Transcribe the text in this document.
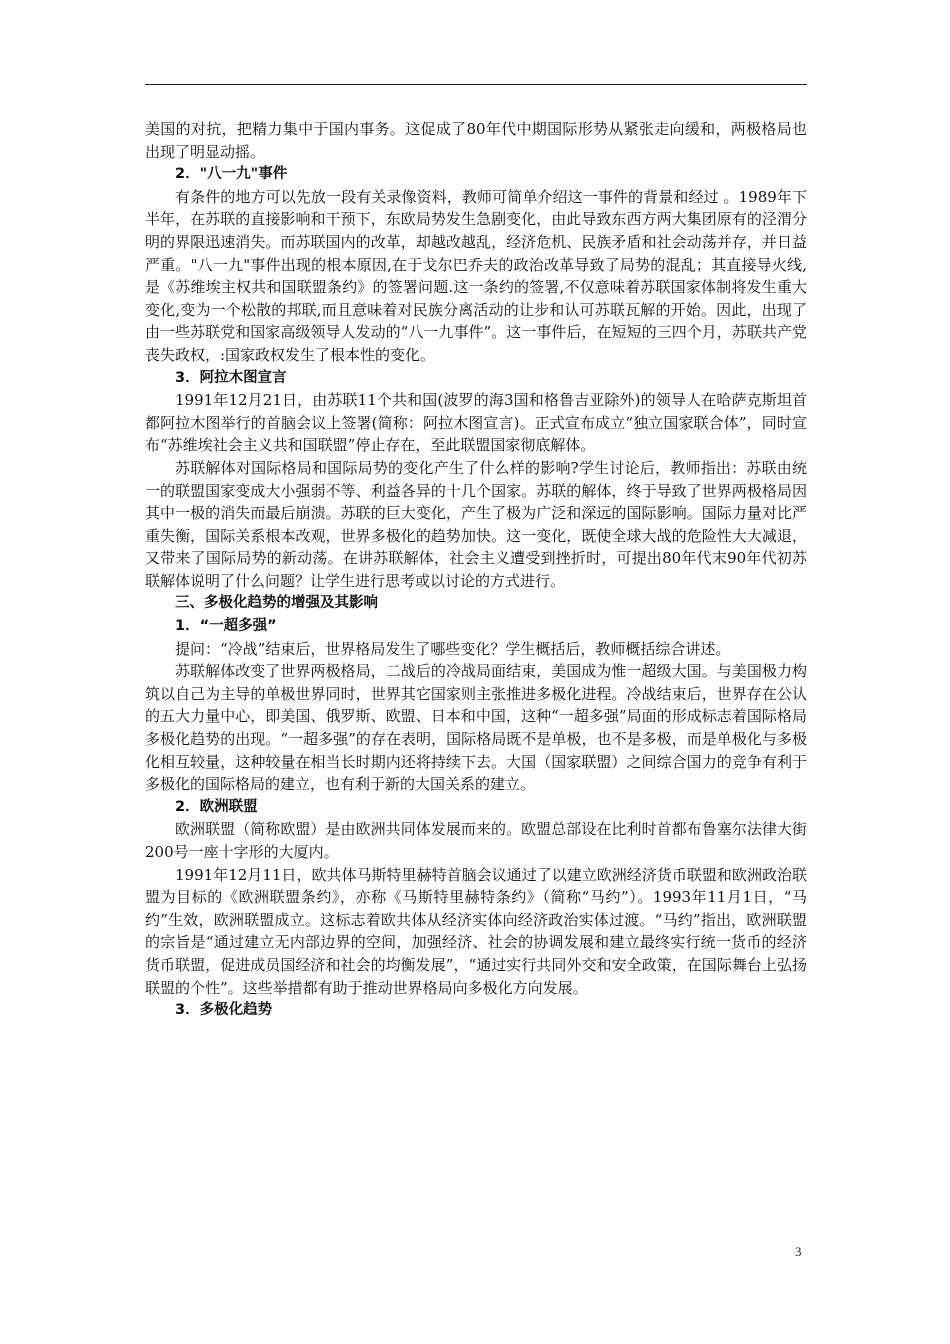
美国的对抗，把精力集中于国内事务。这促成了80年代中期国际形势从紧张走向缓和，两极格局也出现了明显动摇。

2．"八一九"事件

有条件的地方可以先放一段有关录像资料，教师可简单介绍这一事件的背景和经过 。1989年下半年，在苏联的直接影响和干预下，东欧局势发生急剧变化，由此导致东西方两大集团原有的泾渭分明的界限迅速消失。而苏联国内的改革，却越改越乱，经济危机、民族矛盾和社会动荡并存，并日益严重。"八一九"事件出现的根本原因,在于戈尔巴乔夫的政治改革导致了局势的混乱；其直接导火线,是《苏维埃主权共和国联盟条约》的签署问题.这一条约的签署,不仅意味着苏联国家体制将发生重大变化,变为一个松散的邦联,而且意味着对民族分离活动的让步和认可苏联瓦解的开始。因此，出现了由一些苏联党和国家高级领导人发动的“八一九事件”。这一事件后，在短短的三四个月，苏联共产党丧失政权，:国家政权发生了根本性的变化。

3．阿拉木图宣言

1991年12月21日，由苏联11个共和国(波罗的海3国和格鲁吉亚除外)的领导人在哈萨克斯坦首都阿拉木图举行的首脑会议上签署(简称：阿拉木图宣言)。正式宣布成立“独立国家联合体”，同时宣布“苏维埃社会主义共和国联盟”停止存在，至此联盟国家彻底解体。

苏联解体对国际格局和国际局势的变化产生了什么样的影响?学生讨论后，教师指出：苏联由统一的联盟国家变成大小强弱不等、利益各异的十几个国家。苏联的解体，终于导致了世界两极格局因其中一极的消失而最后崩溃。苏联的巨大变化，产生了极为广泛和深远的国际影响。国际力量对比严重失衡，国际关系根本改观，世界多极化的趋势加快。这一变化，既使全球大战的危险性大大减退，又带来了国际局势的新动荡。在讲苏联解体，社会主义遭受到挫折时，可提出80年代末90年代初苏联解体说明了什么问题？让学生进行思考或以讨论的方式进行。

三、多极化趋势的增强及其影响

1．“一超多强”

提问：“冷战”结束后，世界格局发生了哪些变化？学生概括后，教师概括综合讲述。

苏联解体改变了世界两极格局，二战后的冷战局面结束，美国成为惟一超级大国。与美国极力构筑以自己为主导的单极世界同时，世界其它国家则主张推进多极化进程。冷战结束后，世界存在公认的五大力量中心，即美国、俄罗斯、欧盟、日本和中国，这种“一超多强”局面的形成标志着国际格局多极化趋势的出现。“一超多强”的存在表明，国际格局既不是单极，也不是多极，而是单极化与多极化相互较量，这种较量在相当长时期内还将持续下去。大国（国家联盟）之间综合国力的竞争有利于多极化的国际格局的建立，也有利于新的大国关系的建立。

2．欧洲联盟

欧洲联盟（简称欧盟）是由欧洲共同体发展而来的。欧盟总部设在比利时首都布鲁塞尔法律大街200号一座十字形的大厦内。

1991年12月11日，欧共体马斯特里赫特首脑会议通过了以建立欧洲经济货币联盟和欧洲政治联盟为目标的《欧洲联盟条约》，亦称《马斯特里赫特条约》（简称“马约”）。1993年11月1日，“马约”生效，欧洲联盟成立。这标志着欧共体从经济实体向经济政治实体过渡。“马约”指出，欧洲联盟的宗旨是“通过建立无内部边界的空间，加强经济、社会的协调发展和建立最终实行统一货币的经济货币联盟，促进成员国经济和社会的均衡发展”，“通过实行共同外交和安全政策，在国际舞台上弘扬联盟的个性”。这些举措都有助于推动世界格局向多极化方向发展。

3．多极化趋势

3
